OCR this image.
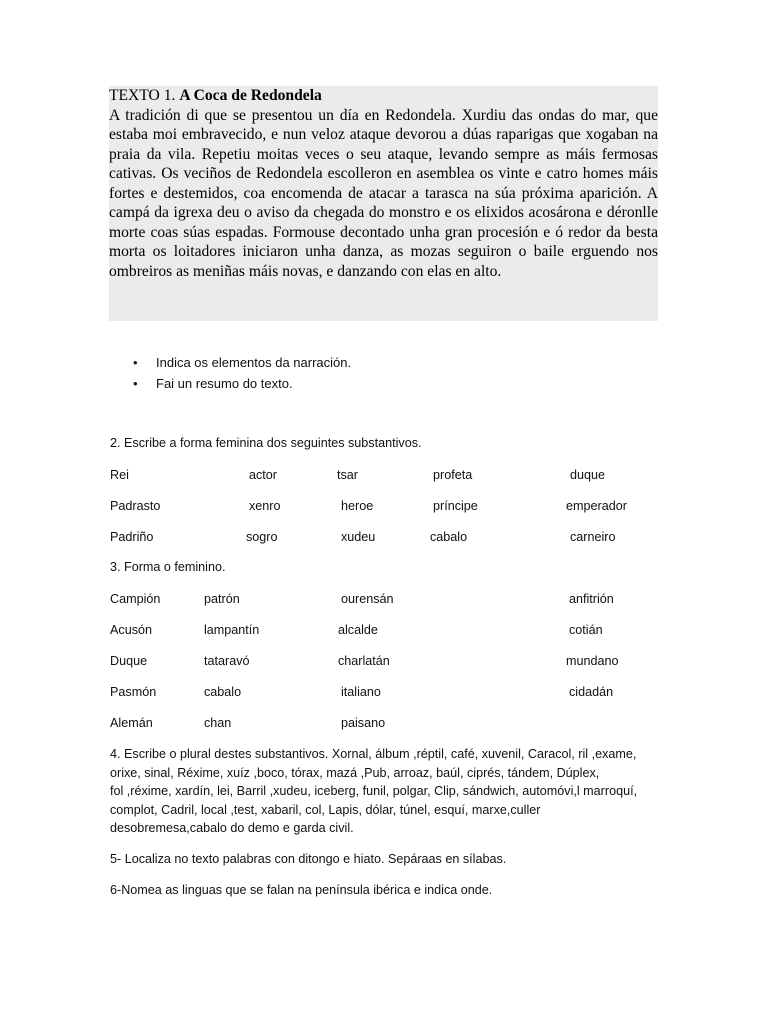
TEXTO 1. A Coca de Redondela
A tradición di que se presentou un día en Redondela. Xurdiu das ondas do mar, que estaba moi embravecido, e nun veloz ataque devorou a dúas raparigas que xogaban na praia da vila. Repetiu moitas veces o seu ataque, levando sempre as máis fermosas cativas. Os veciños de Redondela escolleron en asemblea os vinte e catro homes máis fortes e destemidos, coa encomenda de atacar a tarasca na súa próxima aparición. A campá da igrexa deu o aviso da chegada do monstro e os elixidos acosárona e déronlle morte coas súas espadas. Formouse decontado unha gran procesión e ó redor da besta morta os loitadores iniciaron unha danza, as mozas seguiron o baile erguendo nos ombreiros as meniñas máis novas, e danzando con elas en alto.
• Indica os elementos da narración.
• Fai un resumo do texto.
2. Escribe a forma feminina dos seguintes substantivos.
Rei	actor	tsar	profeta	duque
Padrasto	xenro	heroe	príncipe	emperador
Padriño	sogro	xudeu	cabalo	carneiro
3. Forma o feminino.
Campión	patrón	ourensán	anfitrión
Acusón	lampantín	alcalde	cotián
Duque	tataravó	charlatán	mundano
Pasmón	cabalo	italiano	cidadán
Alemán	chan	paisano
4. Escribe o plural destes substantivos. Xornal, álbum ,réptil, café, xuvenil, Caracol, ril ,exame,
orixe, sinal, Réxime, xuíz ,boco, tórax, mazá ,Pub, arroaz, baúl, ciprés, tándem, Dúplex,
fol ,réxime, xardín, lei, Barril ,xudeu, iceberg, funil, polgar, Clip, sándwich, automóvi,l marroquí,
complot, Cadril, local ,test, xabaril, col, Lapis, dólar, túnel, esquí, marxe,culler
desobremesa,cabalo do demo e garda civil.
5- Localiza no texto palabras con ditongo e hiato. Sepáraas en sílabas.
6-Nomea as linguas que se falan na península ibérica e indica onde.
